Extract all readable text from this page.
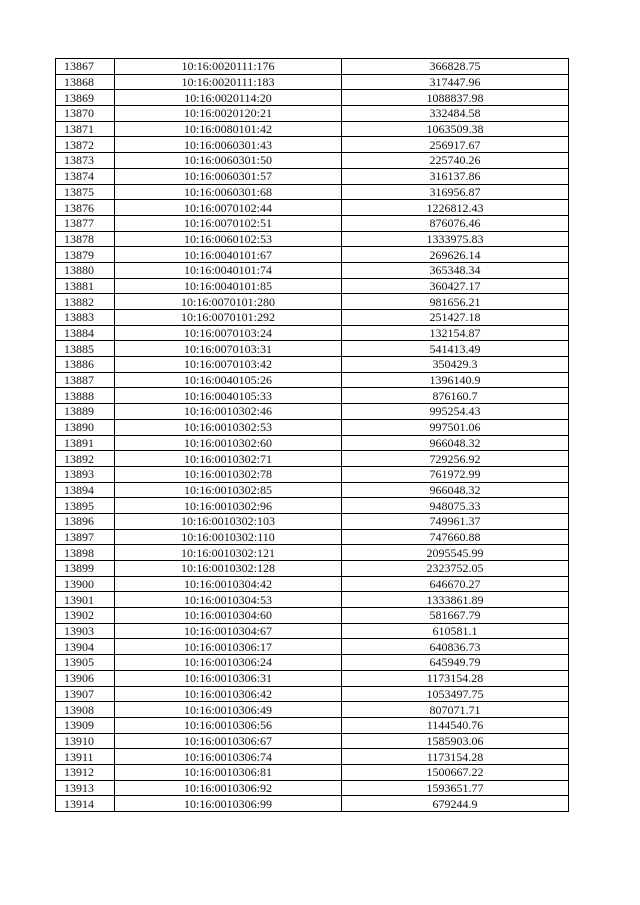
13867	10:16:0020111:176	366828.75
13868	10:16:0020111:183	317447.96
13869	10:16:0020114:20	1088837.98
13870	10:16:0020120:21	332484.58
13871	10:16:0080101:42	1063509.38
13872	10:16:0060301:43	256917.67
13873	10:16:0060301:50	225740.26
13874	10:16:0060301:57	316137.86
13875	10:16:0060301:68	316956.87
13876	10:16:0070102:44	1226812.43
13877	10:16:0070102:51	876076.46
13878	10:16:0060102:53	1333975.83
13879	10:16:0040101:67	269626.14
13880	10:16:0040101:74	365348.34
13881	10:16:0040101:85	360427.17
13882	10:16:0070101:280	981656.21
13883	10:16:0070101:292	251427.18
13884	10:16:0070103:24	132154.87
13885	10:16:0070103:31	541413.49
13886	10:16:0070103:42	350429.3
13887	10:16:0040105:26	1396140.9
13888	10:16:0040105:33	876160.7
13889	10:16:0010302:46	995254.43
13890	10:16:0010302:53	997501.06
13891	10:16:0010302:60	966048.32
13892	10:16:0010302:71	729256.92
13893	10:16:0010302:78	761972.99
13894	10:16:0010302:85	966048.32
13895	10:16:0010302:96	948075.33
13896	10:16:0010302:103	749961.37
13897	10:16:0010302:110	747660.88
13898	10:16:0010302:121	2095545.99
13899	10:16:0010302:128	2323752.05
13900	10:16:0010304:42	646670.27
13901	10:16:0010304:53	1333861.89
13902	10:16:0010304:60	581667.79
13903	10:16:0010304:67	610581.1
13904	10:16:0010306:17	640836.73
13905	10:16:0010306:24	645949.79
13906	10:16:0010306:31	1173154.28
13907	10:16:0010306:42	1053497.75
13908	10:16:0010306:49	807071.71
13909	10:16:0010306:56	1144540.76
13910	10:16:0010306:67	1585903.06
13911	10:16:0010306:74	1173154.28
13912	10:16:0010306:81	1500667.22
13913	10:16:0010306:92	1593651.77
13914	10:16:0010306:99	679244.9
